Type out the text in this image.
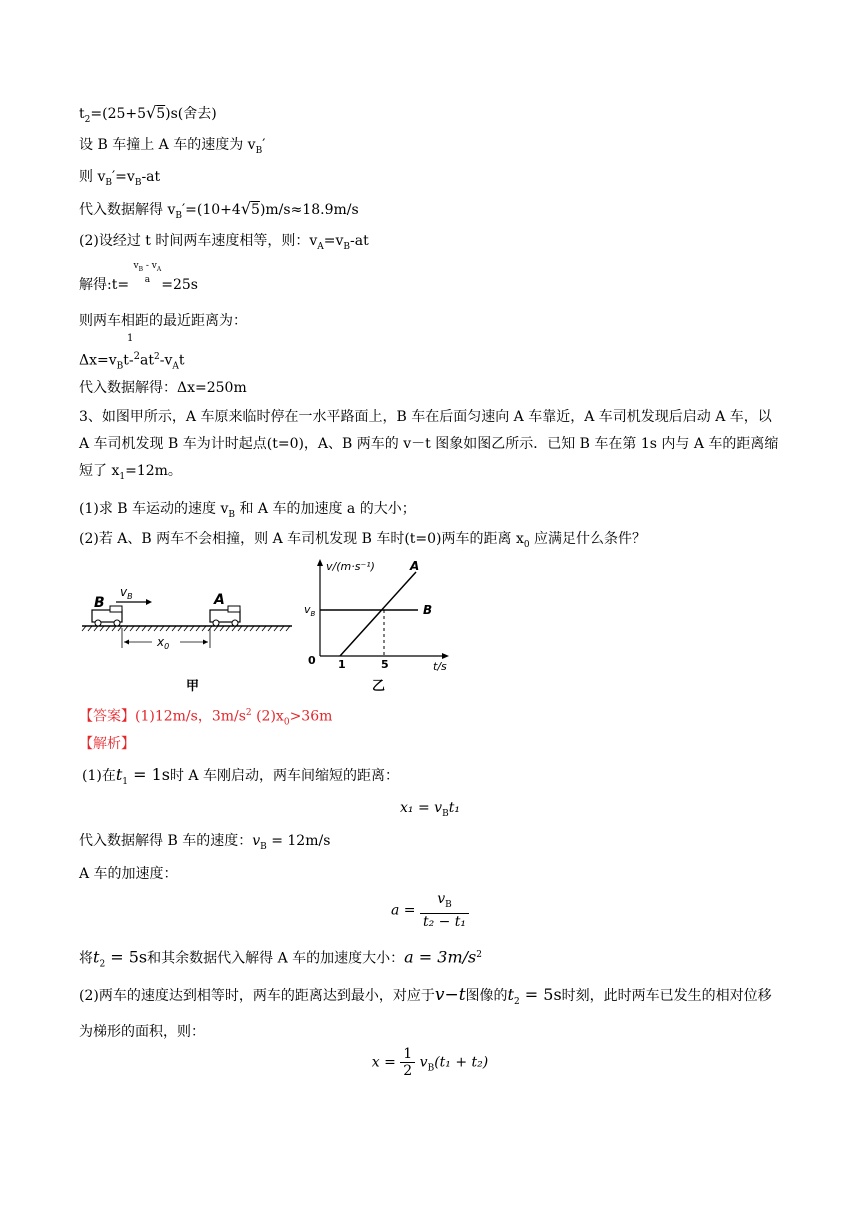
$t_2=(25+5√5)s$(舍去)
设 B 车撞上 A 车的速度为 $v_B'$
则 $v_B'=v_B-at$
代入数据解得 $v_B'=(10+4√5)m/s\approx 18.9m/s$
(2)设经过 t 时间两车速度相等，则：$v_A=v_B-at$
解得:t=
$v_B - v_A$
a =25s
则两车相距的最近距离为：
1
$\Delta x=v_Bt-^2at^2-v_At$
代入数据解得：Δx=250m
3、如图甲所示，A 车原来临时停在一水平路面上，B 车在后面匀速向 A 车靠近，A 车司机发现后启动 A 车，以 A 车司机发现 B 车为计时起点(t=0)，A、B 两车的 v－t 图象如图乙所示．已知 B 车在第 1s 内与 A 车的距离缩短了 $x_1=12m$。
(1)求 B 车运动的速度 $v_B$ 和 A 车的加速度 a 的大小；
(2)若 A、B 两车不会相撞，则 A 车司机发现 B 车时(t=0)两车的距离 $x_0$ 应满足什么条件？
B
$v_B$	A
$x_0$
甲
v/(m·s⁻¹)
t/s
0 1	5
$v_B$	B
A
乙
【答案】(1)12m/s，$3m/s^2$ $(2)x_0>36m$
【解析】
(1)在$t_1 = 1s$时 A 车刚启动，两车间缩短的距离：
$x_1 = v_Bt_1$
代入数据解得 B 车的速度：$v_B = 12m/s$
A 车的加速度：
$a = \frac{v_B}{\text{t₂ − t₁}}$
将$t_2 = 5s$和其余数据代入解得 A 车的加速度大小：$a = 3m/s^2$
(2)两车的速度达到相等时，两车的距离达到最小，对应于v−t图像的$t_2 = 5s$时刻，此时两车已发生的相对位移为梯形的面积，则：
$x = \frac{1}{2} v_B(t_1 + t_2)$
